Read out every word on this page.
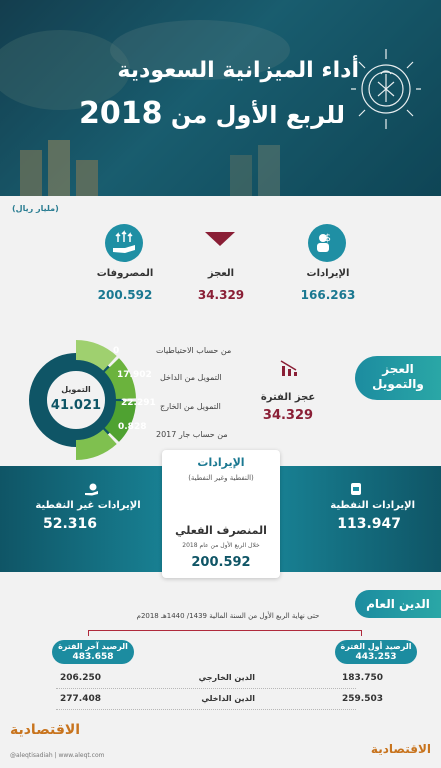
أداء الميزانية السعودية
للربع الأول من 2018
(مليار ريال)
$
الإيرادات
166.263
العجز
34.329
المصروفات
200.592
العجز
والتمويل
عجز الفترة
34.329
التمويل
41.021
0
17.902
22.291
0.828
من حساب الاحتياطيات
التمويل من الداخل
التمويل من الخارج
من حساب جار 2017
الإيرادات
(النفطية وغير النفطية)
الإيرادات النفطية
113.947
الإيرادات غير النفطية
52.316	المنصرف الفعلي
خلال الربع الأول من عام 2018
200.592
الدين العام
حتى نهاية الربع الأول من السنة المالية 1439/ 1440هـ 2018م
الرصيد أول الفترة
443.253
الرصيد آخر الفترة
483.658
183.750
الدين الخارجي
206.250
259.503
الدين الداخلي
277.408
الاقتصادية
@aleqtisadiah | www.aleqt.com	الاقتصادية
